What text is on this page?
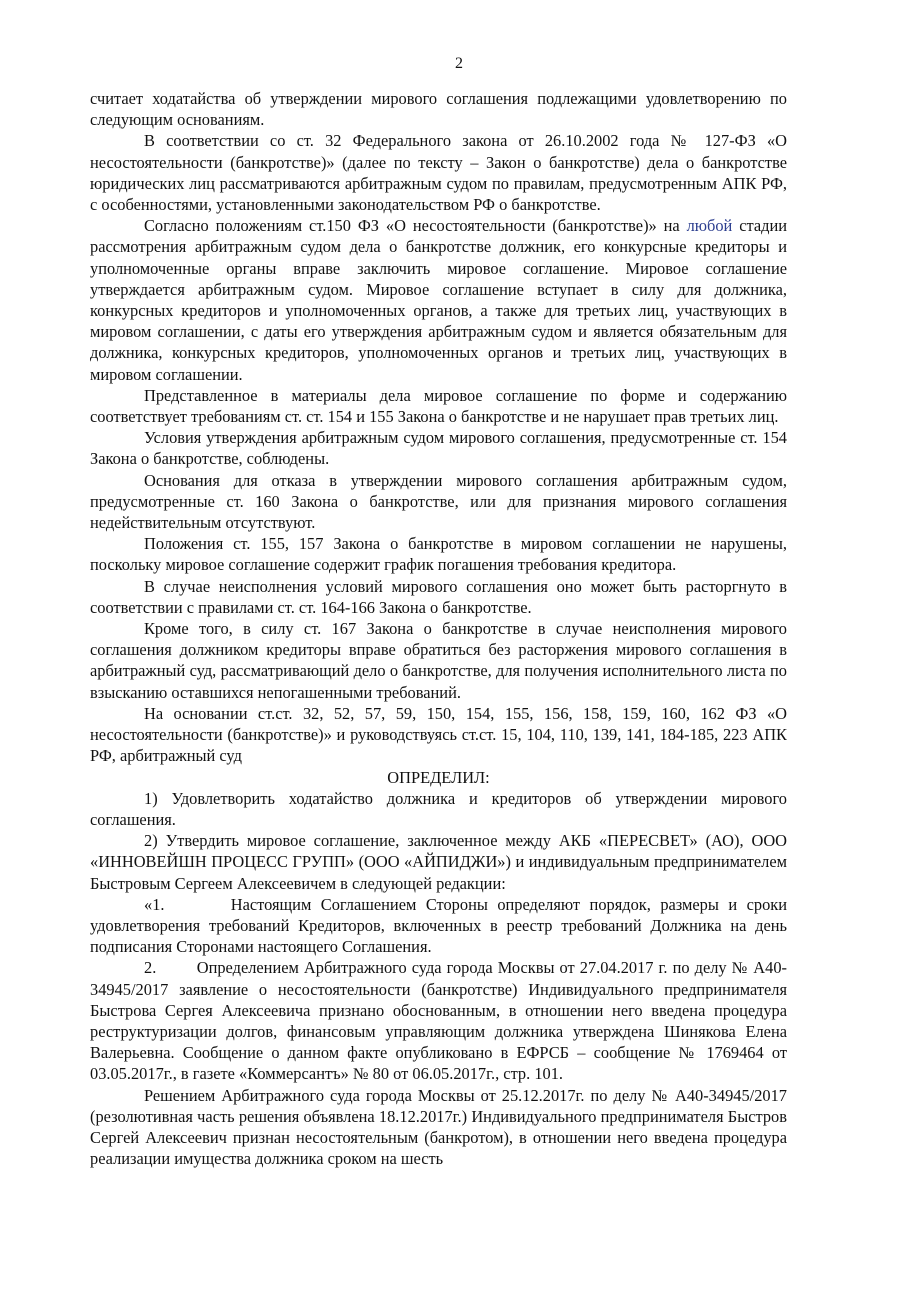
2

считает ходатайства об утверждении мирового соглашения подлежащими удовлетворению по следующим основаниям.

В соответствии со ст. 32 Федерального закона от 26.10.2002 года № 127-ФЗ «О несостоятельности (банкротстве)» (далее по тексту – Закон о банкротстве) дела о банкротстве юридических лиц рассматриваются арбитражным судом по правилам, предусмотренным АПК РФ, с особенностями, установленными законодательством РФ о банкротстве.

Согласно положениям ст.150 ФЗ «О несостоятельности (банкротстве)» на любой стадии рассмотрения арбитражным судом дела о банкротстве должник, его конкурсные кредиторы и уполномоченные органы вправе заключить мировое соглашение. Мировое соглашение утверждается арбитражным судом. Мировое соглашение вступает в силу для должника, конкурсных кредиторов и уполномоченных органов, а также для третьих лиц, участвующих в мировом соглашении, с даты его утверждения арбитражным судом и является обязательным для должника, конкурсных кредиторов, уполномоченных органов и третьих лиц, участвующих в мировом соглашении.

Представленное в материалы дела мировое соглашение по форме и содержанию соответствует требованиям ст. ст. 154 и 155 Закона о банкротстве и не нарушает прав третьих лиц.

Условия утверждения арбитражным судом мирового соглашения, предусмотренные ст. 154 Закона о банкротстве, соблюдены.

Основания для отказа в утверждении мирового соглашения арбитражным судом, предусмотренные ст. 160 Закона о банкротстве, или для признания мирового соглашения недействительным отсутствуют.

Положения ст. 155, 157 Закона о банкротстве в мировом соглашении не нарушены, поскольку мировое соглашение содержит график погашения требования кредитора.

В случае неисполнения условий мирового соглашения оно может быть расторгнуто в соответствии с правилами ст. ст. 164-166 Закона о банкротстве.

Кроме того, в силу ст. 167 Закона о банкротстве в случае неисполнения мирового соглашения должником кредиторы вправе обратиться без расторжения мирового соглашения в арбитражный суд, рассматривающий дело о банкротстве, для получения исполнительного листа по взысканию оставшихся непогашенными требований.

На основании ст.ст. 32, 52, 57, 59, 150, 154, 155, 156, 158, 159, 160, 162 ФЗ «О несостоятельности (банкротстве)» и руководствуясь ст.ст. 15, 104, 110, 139, 141, 184-185, 223 АПК РФ, арбитражный суд

ОПРЕДЕЛИЛ:

1) Удовлетворить ходатайство должника и кредиторов об утверждении мирового соглашения.

2) Утвердить мировое соглашение, заключенное между АКБ «ПЕРЕСВЕТ» (АО), ООО «ИННОВЕЙШН ПРОЦЕСС ГРУПП» (ООО «АЙПИДЖИ») и индивидуальным предпринимателем Быстровым Сергеем Алексеевичем в следующей редакции:

«1.       Настоящим Соглашением Стороны определяют порядок, размеры и сроки удовлетворения требований Кредиторов, включенных в реестр требований Должника на день подписания Сторонами настоящего Соглашения.

2.        Определением Арбитражного суда города Москвы от 27.04.2017 г. по делу № А40-34945/2017 заявление о несостоятельности (банкротстве) Индивидуального предпринимателя Быстрова Сергея Алексеевича признано обоснованным, в отношении него введена процедура реструктуризации долгов, финансовым управляющим должника утверждена Шинякова Елена Валерьевна. Сообщение о данном факте опубликовано в ЕФРСБ – сообщение № 1769464 от 03.05.2017г., в газете «Коммерсантъ» № 80 от 06.05.2017г., стр. 101.

Решением Арбитражного суда города Москвы от 25.12.2017г. по делу № А40-34945/2017 (резолютивная часть решения объявлена 18.12.2017г.) Индивидуального предпринимателя Быстров Сергей Алексеевич признан несостоятельным (банкротом), в отношении него введена процедура реализации имущества должника сроком на шесть
